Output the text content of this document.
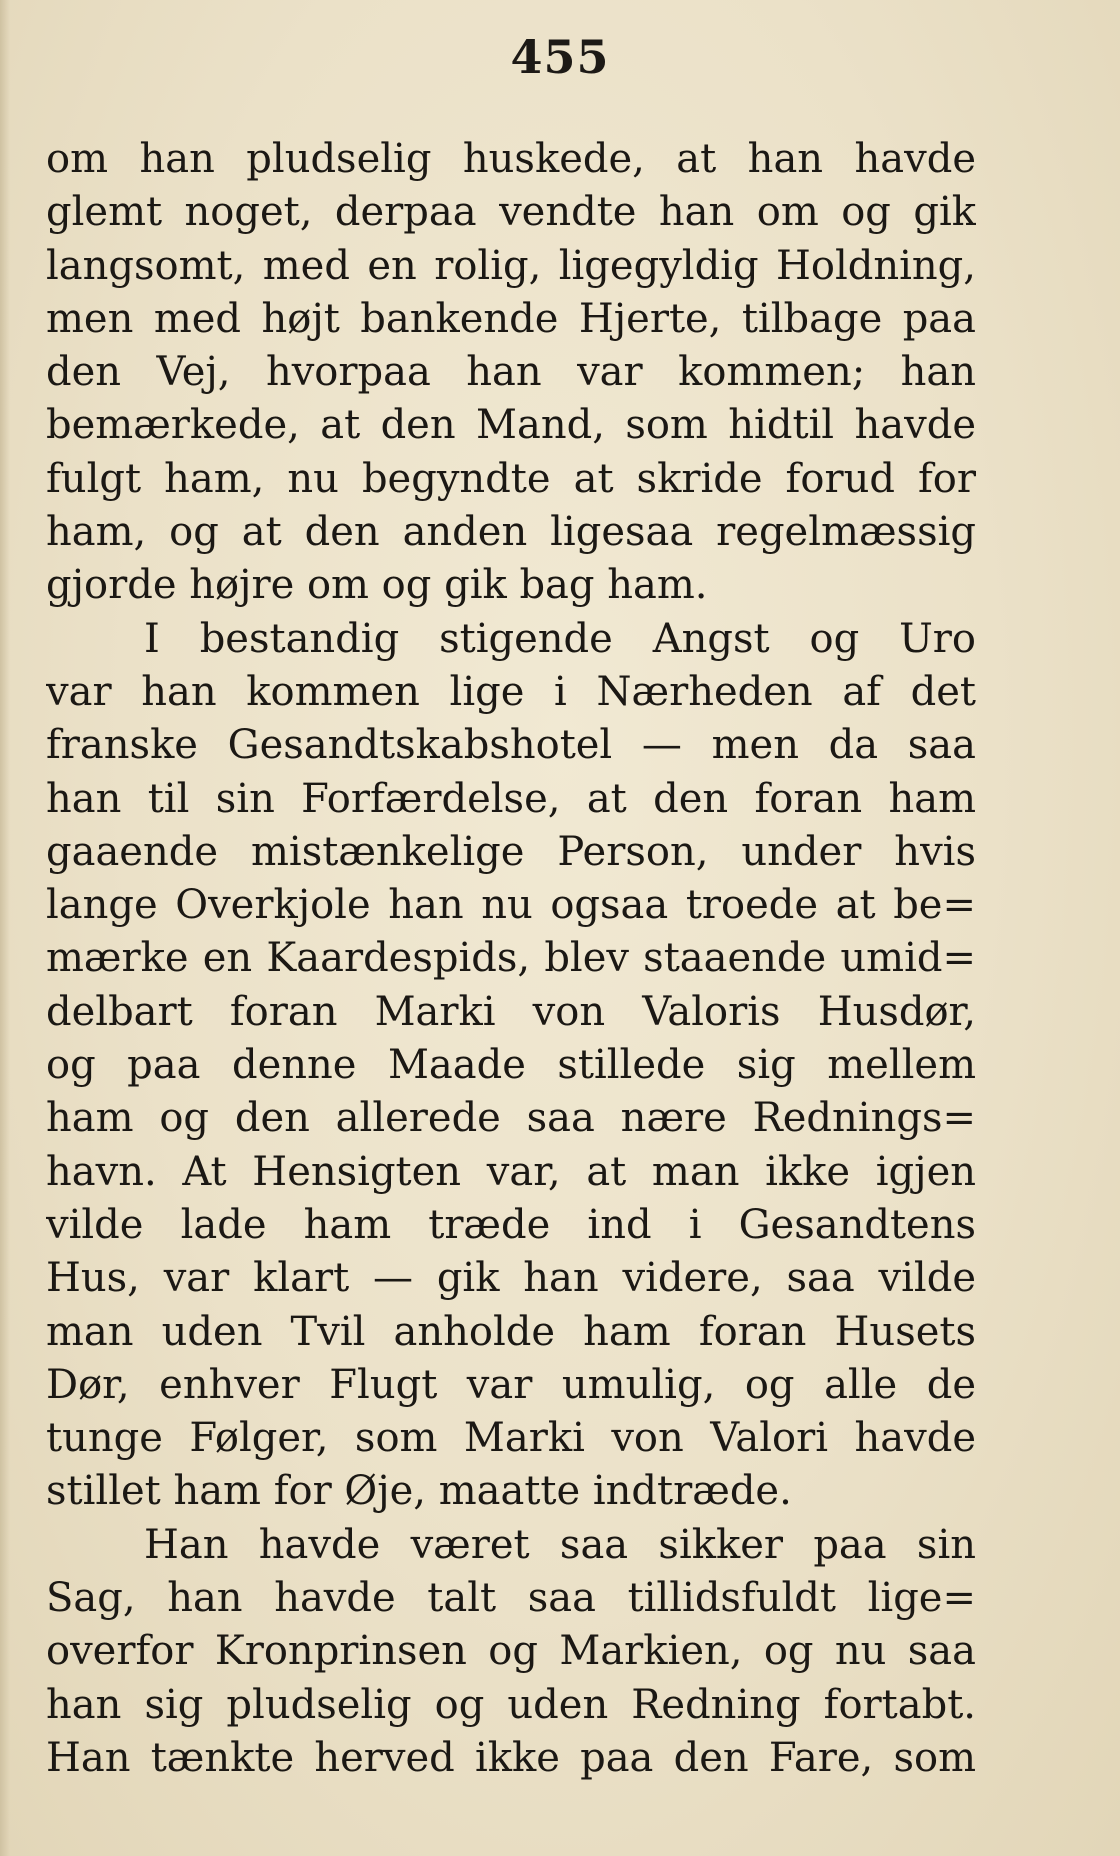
455
om han pludselig huskede, at han havde
glemt noget, derpaa vendte han om og gik
langsomt, med en rolig, ligegyldig Holdning,
men med højt bankende Hjerte, tilbage paa
den Vej, hvorpaa han var kommen; han
bemærkede, at den Mand, som hidtil havde
fulgt ham, nu begyndte at skride forud for
ham, og at den anden ligesaa regelmæssig
gjorde højre om og gik bag ham.
I bestandig stigende Angst og Uro
var han kommen lige i Nærheden af det
franske Gesandtskabshotel — men da saa
han til sin Forfærdelse, at den foran ham
gaaende mistænkelige Person, under hvis
lange Overkjole han nu ogsaa troede at be=
mærke en Kaardespids, blev staaende umid=
delbart foran Marki von Valoris Husdør,
og paa denne Maade stillede sig mellem
ham og den allerede saa nære Rednings=
havn. At Hensigten var, at man ikke igjen
vilde lade ham træde ind i Gesandtens
Hus, var klart — gik han videre, saa vilde
man uden Tvil anholde ham foran Husets
Dør, enhver Flugt var umulig, og alle de
tunge Følger, som Marki von Valori havde
stillet ham for Øje, maatte indtræde.
Han havde været saa sikker paa sin
Sag, han havde talt saa tillidsfuldt lige=
overfor Kronprinsen og Markien, og nu saa
han sig pludselig og uden Redning fortabt.
Han tænkte herved ikke paa den Fare, som
